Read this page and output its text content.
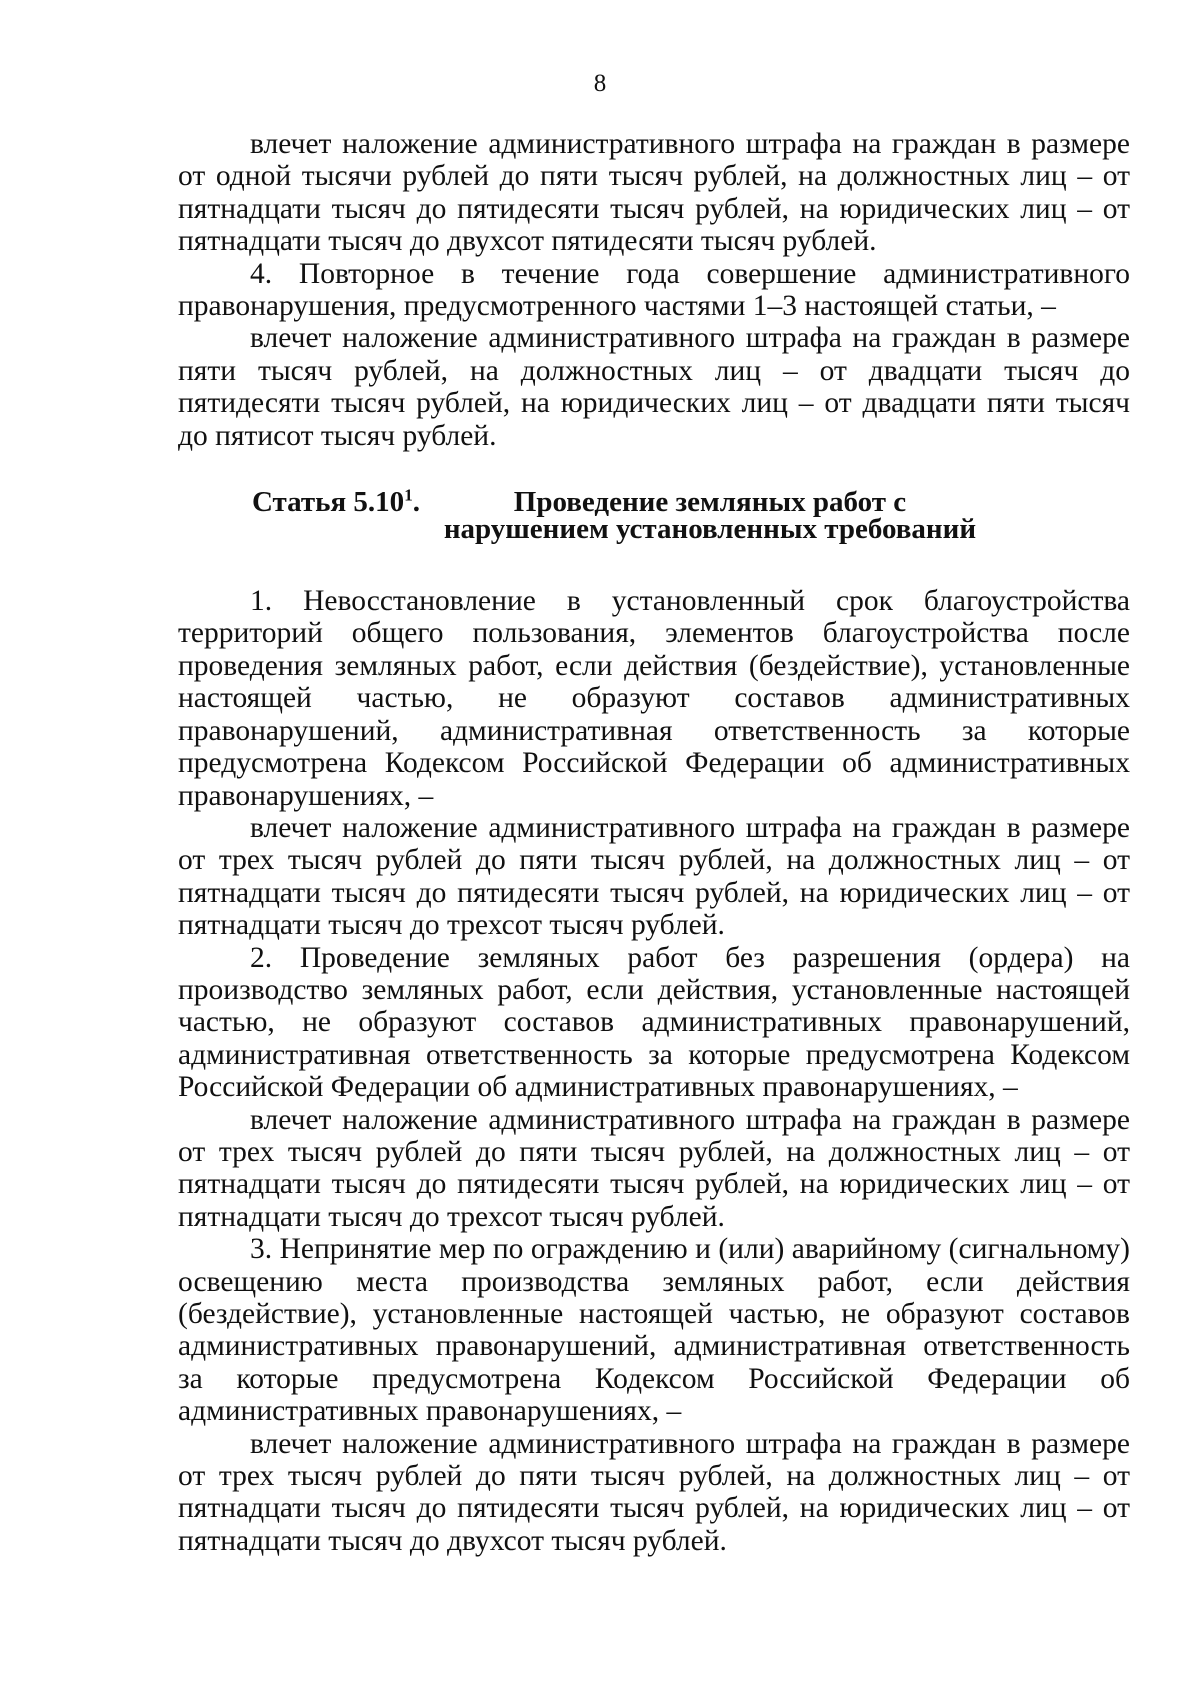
8

влечет наложение административного штрафа на граждан в размере от одной тысячи рублей до пяти тысяч рублей, на должностных лиц – от пятнадцати тысяч до пятидесяти тысяч рублей, на юридических лиц – от пятнадцати тысяч до двухсот пятидесяти тысяч рублей.

4. Повторное в течение года совершение административного правонарушения, предусмотренного частями 1–3 настоящей статьи, –

влечет наложение административного штрафа на граждан в размере пяти тысяч рублей, на должностных лиц – от двадцати тысяч до пятидесяти тысяч рублей, на юридических лиц – от двадцати пяти тысяч до пятисот тысяч рублей.

Статья 5.10$^1$.	Проведение земляных работ с нарушением установленных требований

1. Невосстановление в установленный срок благоустройства территорий общего пользования, элементов благоустройства после проведения земляных работ, если действия (бездействие), установленные настоящей частью, не образуют составов административных правонарушений, административная ответственность за которые предусмотрена Кодексом Российской Федерации об административных правонарушениях, –

влечет наложение административного штрафа на граждан в размере от трех тысяч рублей до пяти тысяч рублей, на должностных лиц – от пятнадцати тысяч до пятидесяти тысяч рублей, на юридических лиц – от пятнадцати тысяч до трехсот тысяч рублей.

2. Проведение земляных работ без разрешения (ордера) на производство земляных работ, если действия, установленные настоящей частью, не образуют составов административных правонарушений, административная ответственность за которые предусмотрена Кодексом Российской Федерации об административных правонарушениях, –

влечет наложение административного штрафа на граждан в размере от трех тысяч рублей до пяти тысяч рублей, на должностных лиц – от пятнадцати тысяч до пятидесяти тысяч рублей, на юридических лиц – от пятнадцати тысяч до трехсот тысяч рублей.

3. Непринятие мер по ограждению и (или) аварийному (сигнальному) освещению места производства земляных работ, если действия (бездействие), установленные настоящей частью, не образуют составов административных правонарушений, административная ответственность за которые предусмотрена Кодексом Российской Федерации об административных правонарушениях, –

влечет наложение административного штрафа на граждан в размере от трех тысяч рублей до пяти тысяч рублей, на должностных лиц – от пятнадцати тысяч до пятидесяти тысяч рублей, на юридических лиц – от пятнадцати тысяч до двухсот тысяч рублей.
